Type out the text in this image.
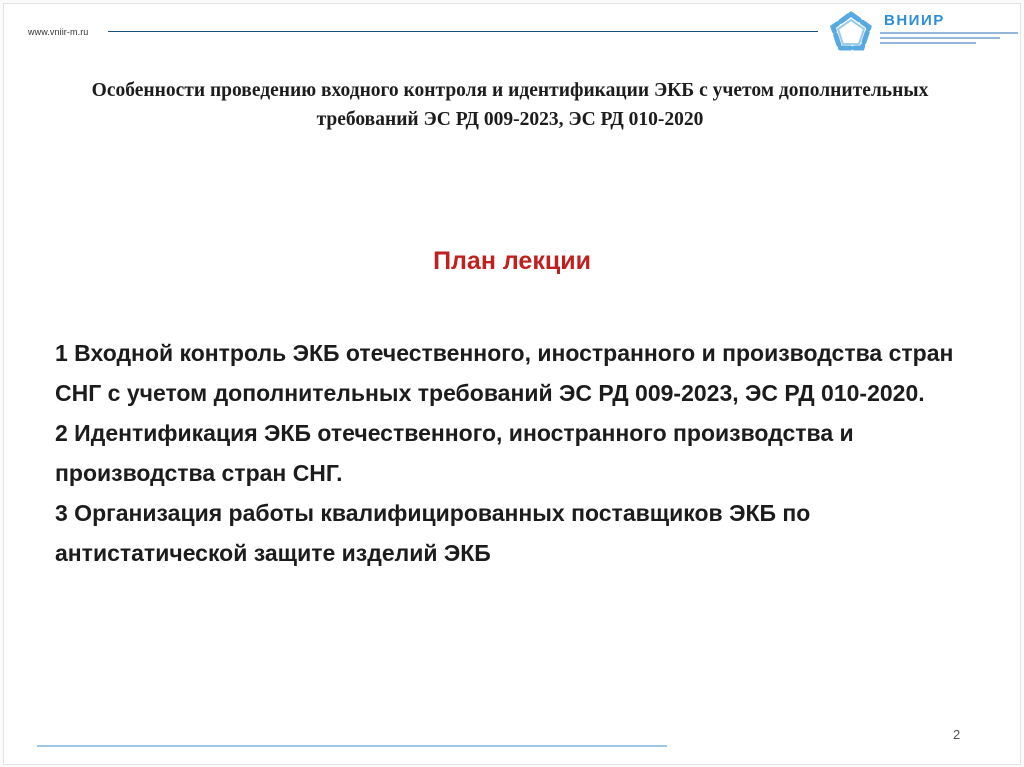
www.vniir-m.ru
ВНИИР
Особенности проведению входного контроля и идентификации ЭКБ с учетом дополнительных требований ЭС РД 009-2023, ЭС РД 010-2020
План лекции

1 Входной контроль ЭКБ отечественного, иностранного и производства стран СНГ с учетом дополнительных требований ЭС РД 009-2023, ЭС РД 010-2020.

2 Идентификация ЭКБ отечественного, иностранного производства и производства стран СНГ.

3 Организация работы квалифицированных поставщиков ЭКБ по антистатической защите изделий ЭКБ

2
